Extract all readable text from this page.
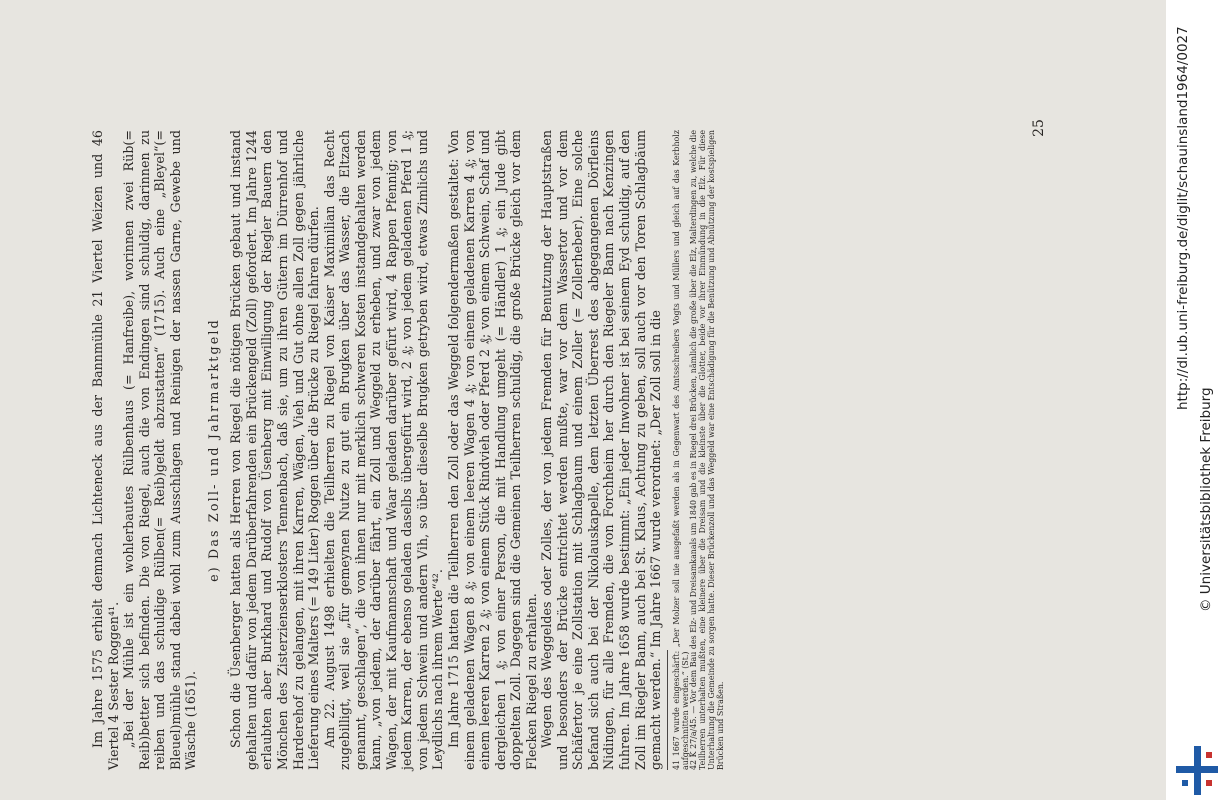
Im Jahre 1575 erhielt demnach Lichteneck aus der Bannmühle 21 Viertel Weizen und 46 Viertel 4 Sester Roggen⁴¹. „Bei der Mühle ist ein wohlerbautes Rülbenhaus (= Hanfreibe), worinnen zwei Rüb(= Reib)better sich befinden. Die von Riegel, auch die von Endingen sind schuldig, darinnen zu reiben und das schuldige Rülben(= Reib)geldt abzustatten“ (1715). Auch eine „Bleyel“(= Bleuel)mühle stand dabei wohl zum Ausschlagen und Reinigen der nassen Garne, Gewebe und Wäsche (1651).

e) Das Zoll- und Jahrmarktgeld Schon die Üsenberger hatten als Herren von Riegel die nötigen Brücken gebaut und instand gehalten und dafür von jedem Darüberfahrenden ein Brückengeld (Zoll) gefordert. Im Jahre 1244 erlaubten aber Burkhard und Rudolf von Üsenberg mit Einwilligung der Riegler Bauern den Mönchen des Zisterzienserklosters Tennenbach, daß sie, um zu ihren Gütern im Dürrenhof und Harderehof zu gelangen, mit ihren Karren, Wägen, Vieh und Gut ohne allen Zoll gegen jährliche Lieferung eines Malters (= 149 Liter) Roggen über die Brücke zu Riegel fahren dürfen. Am 22. August 1498 erhielten die Teilherren zu Riegel von Kaiser Maximilian das Recht zugebilligt, weil sie „für gemeynen Nutze zu gut ein Brugken über das Wasser, die Eltzach genannt, geschlagen“, die von ihnen nur mit merklich schweren Kosten instandgehalten werden kann, „von jedem, der darüber fährt, ein Zoll und Weggeld zu erheben, und zwar von jedem Wagen, der mit Kaufmannschaft und Waar geladen darüber gefürt wird, 4 Rappen Pfennig; von jedem Karren, der ebenso geladen daselbs übergefürt wird, 2 ₰; von jedem geladenen Pferd 1 ₰; von jedem Schwein und andern Vih, so über dieselbe Brugken getryben wird, etwas Zimlichs und Leydlichs nach ihrem Werte“⁴². Im Jahre 1715 hatten die Teilherren den Zoll oder das Weggeld folgendermaßen gestaltet: Von einem geladenen Wagen 8 ₰; von einem leeren Wagen 4 ₰; von einem geladenen Karren 4 ₰; von einem leeren Karren 2 ₰; von einem Stück Rindvieh oder Pferd 2 ₰; von einem Schwein, Schaf und dergleichen 1 ₰; von einer Person, die mit Handlung umgeht (= Händler) 1 ₰; ein Jude gibt doppelten Zoll. Dagegen sind die Gemeinen Teilherren schuldig, die große Brücke gleich vor dem Flecken Riegel zu erhalten. Wegen des Weggeldes oder Zolles, der von jedem Fremden für Benutzung der Hauptstraßen und besonders der Brücke entrichtet werden mußte, war vor dem Wassertor und vor dem Schäfertor je eine Zollstation mit Schlagbaum und einem Zoller (= Zollerheber). Eine solche befand sich auch bei der Nikolauskapelle, dem letzten Überrest des abgegangenen Dörfleins Nidingen, für alle Fremden, die von Forchheim her durch den Riegeler Bann nach Kenzingen fuhren. Im Jahre 1658 wurde bestimmt: „Ein jeder Inwohner ist bei seinem Eyd schuldig, auf den Zoll im Riegler Bann, auch bei St. Klaus, Achtung zu geben, soll auch vor den Toren Schlagbäum gemacht werden.“ Im Jahre 1667 wurde verordnet: „Der Zoll soll in die 41 1667 wurde eingeschärft: „Der Molzer soll nie ausgefaßt werden als in Gegenwart des Amtsschreibers Vogts und Müllers und gleich auf das Kerbholz aufgeschnitten werden.“ (St.) 42 K 27/a/45. — Vor dem Bau des Elz- und Dreisamkanals um 1840 gab es in Riegel drei Brücken, nämlich die große über die Elz, Malterdingen zu, welche die Teilherren unterhalten mußten, eine kleinere über die Dreisam und die kleinste über die Glotter, beide vor ihrer Einmündung in die Elz. Für diese Unterhaltung die Gemeinde zu sorgen hatte. Dieser Brückenzoll und das Weggeld war eine Entschädigung für die Benützung und Abnützung der kostspieligen Brücken und Straßen.

25	http://dl.ub.uni-freiburg.de/diglit/schauinsland1964/0027
© Universitätsbibliothek Freiburg
